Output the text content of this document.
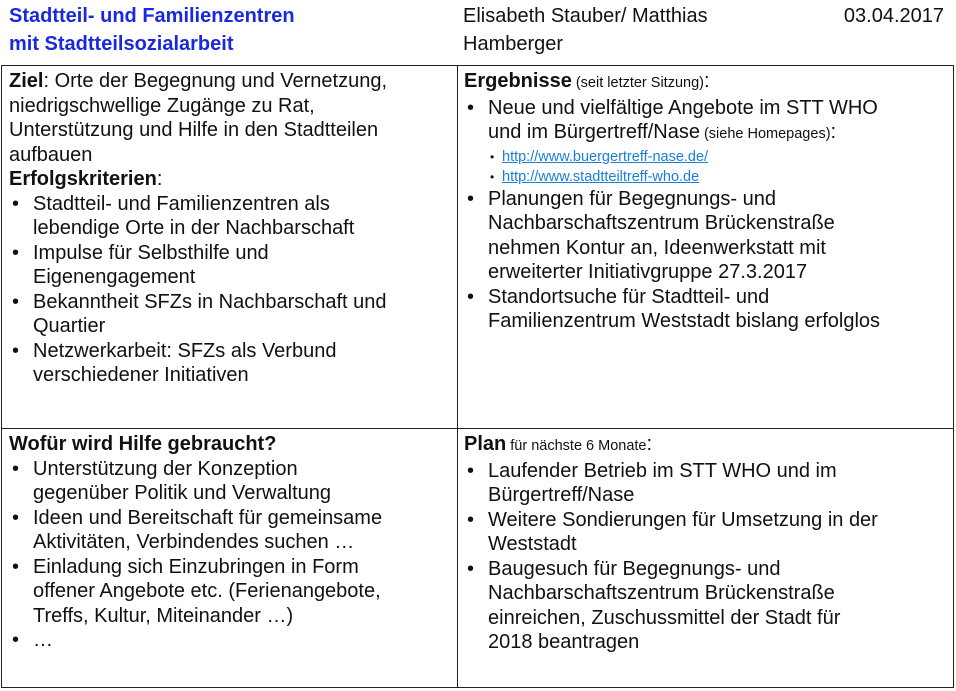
Stadtteil- und Familienzentren
mit Stadtteilsozialarbeit
Elisabeth Stauber/ Matthias
Hamberger
03.04.2017
Ziel: Orte der Begegnung und Vernetzung,
niedrigschwellige Zugänge zu Rat,
Unterstützung und Hilfe in den Stadtteilen
aufbauen
Erfolgskriterien:
• Stadtteil- und Familienzentren als
lebendige Orte in der Nachbarschaft
• Impulse für Selbsthilfe und
Eigenengagement
• Bekanntheit SFZs in Nachbarschaft und
Quartier
• Netzwerkarbeit: SFZs als Verbund
verschiedener Initiativen
Ergebnisse (seit letzter Sitzung):
• Neue und vielfältige Angebote im STT WHO
und im Bürgertreff/Nase (siehe Homepages):
• http://www.buergertreff-nase.de/
• http://www.stadtteiltreff-who.de
• Planungen für Begegnungs- und
Nachbarschaftszentrum Brückenstraße
nehmen Kontur an, Ideenwerkstatt mit
erweiterter Initiativgruppe 27.3.2017
• Standortsuche für Stadtteil- und
Familienzentrum Weststadt bislang erfolglos
Wofür wird Hilfe gebraucht?
• Unterstützung der Konzeption
gegenüber Politik und Verwaltung
• Ideen und Bereitschaft für gemeinsame
Aktivitäten, Verbindendes suchen …
• Einladung sich Einzubringen in Form
offener Angebote etc. (Ferienangebote,
Treffs, Kultur, Miteinander …)
• …
Plan für nächste 6 Monate:
• Laufender Betrieb im STT WHO und im
Bürgertreff/Nase
• Weitere Sondierungen für Umsetzung in der
Weststadt
• Baugesuch für Begegnungs- und
Nachbarschaftszentrum Brückenstraße
einreichen, Zuschussmittel der Stadt für
2018 beantragen
